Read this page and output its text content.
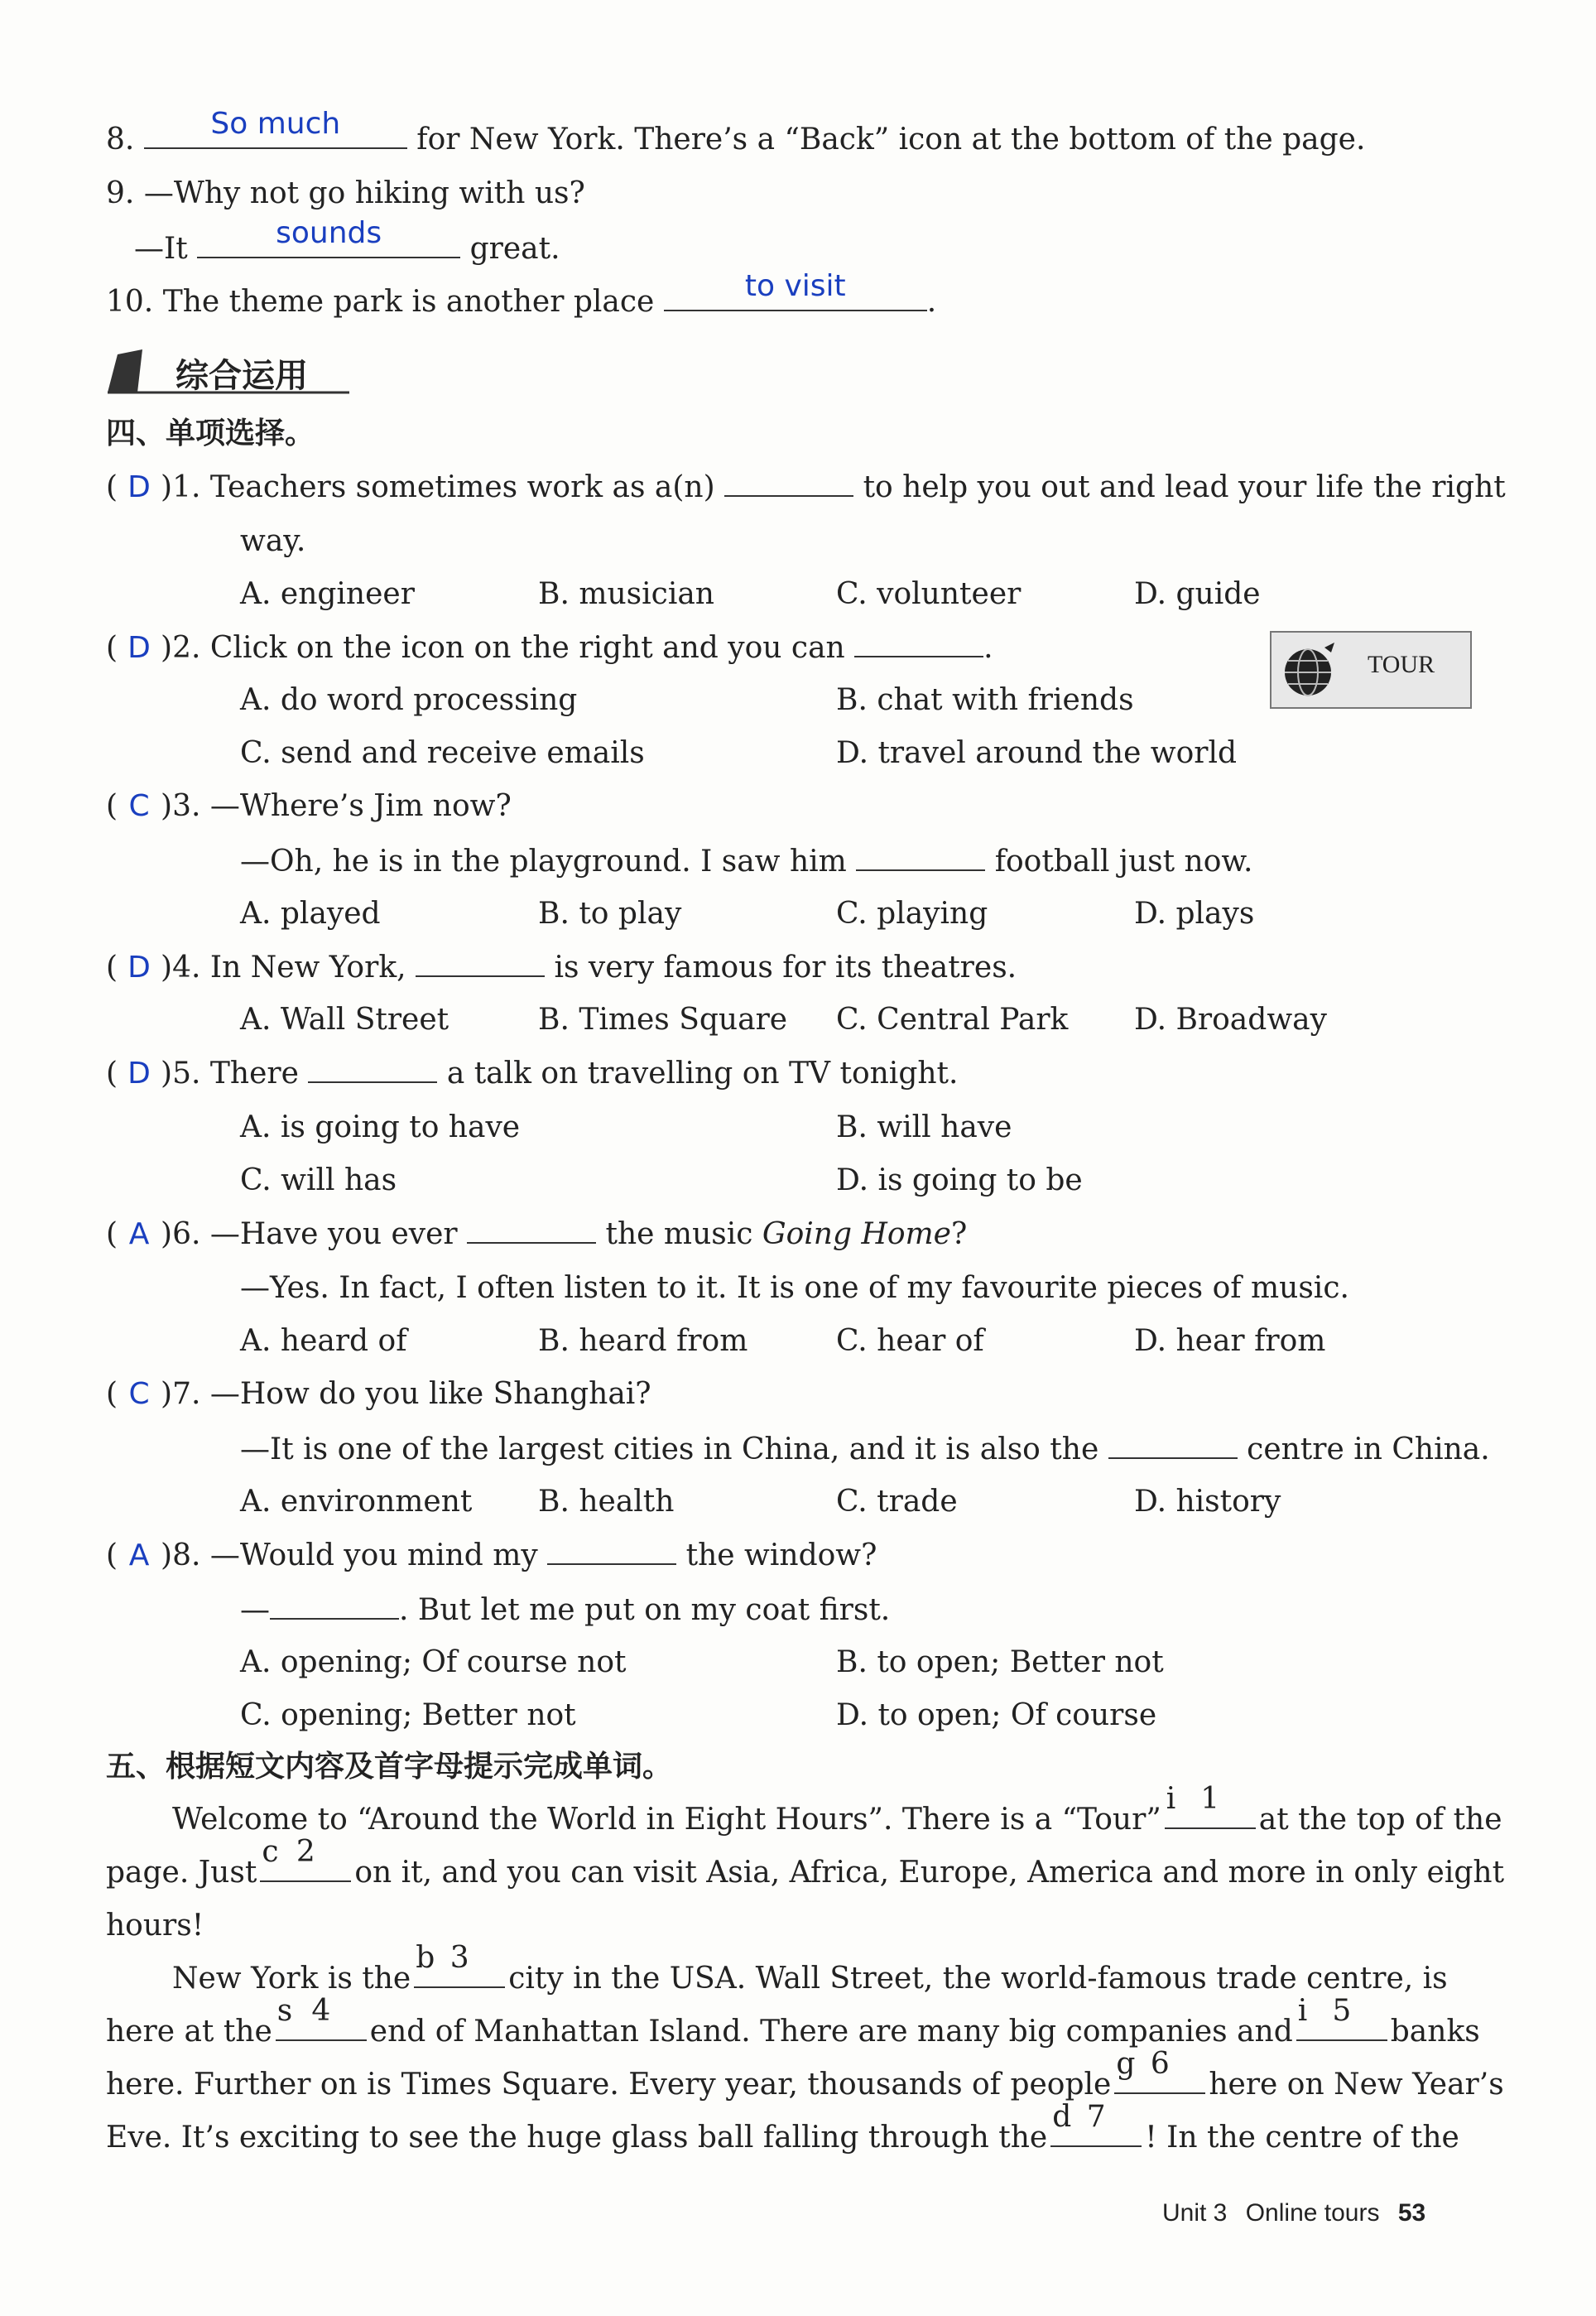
8.	So much	for New York. There’s a “Back” icon at the bottom of the page.
9. —Why not go hiking with us?
—It	sounds	great.
10. The theme park is another place	to visit	.
综合运用
四、单项选择。
( D )1. Teachers sometimes work as a(n)	to help you out and lead your life the right
way.
A. engineer	B. musician	C. volunteer	D. guide
( D )2. Click on the icon on the right and you can	.	TOUR
A. do word processing	B. chat with friends
C. send and receive emails	D. travel around the world
( C )3. —Where’s Jim now?
—Oh, he is in the playground. I saw him	football just now.
A. played	B. to play	C. playing	D. plays
( D )4. In New York,	is very famous for its theatres.
A. Wall Street	B. Times Square C. Central Park D. Broadway
( D )5. There	a talk on travelling on TV tonight.
A. is going to have	B. will have
C. will has	D. is going to be
( A )6. —Have you ever	the music Going Home?
—Yes. In fact, I often listen to it. It is one of my favourite pieces of music.
A. heard of	B. heard from	C. hear of	D. hear from
( C )7. —How do you like Shanghai?
—It is one of the largest cities in China, and it is also the	centre in China.
A. environment B. health	C. trade	D. history
( A )8. —Would you mind my	the window?
—	. But let me put on my coat first.
A. opening; Of course not	B. to open; Better not
C. opening; Better not	D. to open; Of course
五、根据短文内容及首字母提示完成单词。
Welcome to “Around the World in Eight Hours”. There is a “Tour”
i 1
at the top of the
page. Just
c 2
on it, and you can visit Asia, Africa, Europe, America and more in only eight
hours!
New York is the
b 3
city in the USA. Wall Street, the world-famous trade centre, is
here at the
s 4
end of Manhattan Island. There are many big companies and
i 5
banks
here. Further on is Times Square. Every year, thousands of people
g 6
here on New Year’s
Eve. It’s exciting to see the huge glass ball falling through the
d 7
! In the centre of the
Unit 3 Online tours 53
